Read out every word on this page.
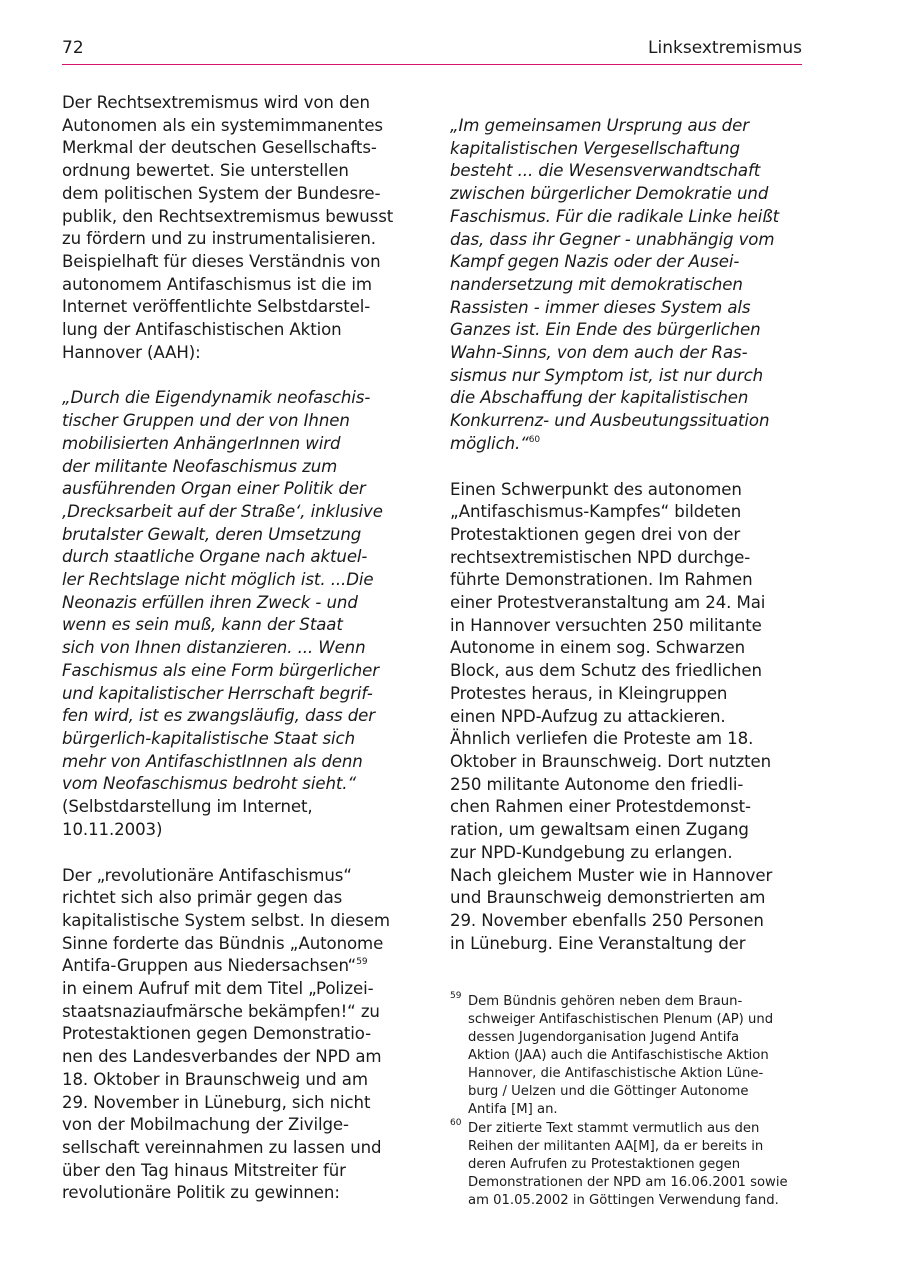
72	Linksextremismus

Der Rechtsextremismus wird von den
Autonomen als ein systemimmanentes
Merkmal der deutschen Gesellschafts-
ordnung bewertet. Sie unterstellen
dem politischen System der Bundesre-
publik, den Rechtsextremismus bewusst
zu fördern und zu instrumentalisieren.
Beispielhaft für dieses Verständnis von
autonomem Antifaschismus ist die im
Internet veröffentlichte Selbstdarstel-
lung der Antifaschistischen Aktion
Hannover (AAH):

„Durch die Eigendynamik neofaschis-
tischer Gruppen und der von Ihnen
mobilisierten AnhängerInnen wird
der militante Neofaschismus zum
ausführenden Organ einer Politik der
‚Drecksarbeit auf der Straße‘, inklusive
brutalster Gewalt, deren Umsetzung
durch staatliche Organe nach aktuel-
ler Rechtslage nicht möglich ist. ...Die
Neonazis erfüllen ihren Zweck - und
wenn es sein muß, kann der Staat
sich von Ihnen distanzieren. ... Wenn
Faschismus als eine Form bürgerlicher
und kapitalistischer Herrschaft begrif-
fen wird, ist es zwangsläufig, dass der
bürgerlich-kapitalistische Staat sich
mehr von AntifaschistInnen als denn
vom Neofaschismus bedroht sieht.“

(Selbstdarstellung im Internet,
10.11.2003)

Der „revolutionäre Antifaschismus“
richtet sich also primär gegen das
kapitalistische System selbst. In diesem
Sinne forderte das Bündnis „Autonome
Antifa-Gruppen aus Niedersachsen“$^{59}$
in einem Aufruf mit dem Titel „Polizei-
staatsnaziaufmärsche bekämpfen!“ zu
Protestaktionen gegen Demonstratio-
nen des Landesverbandes der NPD am
18. Oktober in Braunschweig und am
29. November in Lüneburg, sich nicht
von der Mobilmachung der Zivilge-
sellschaft vereinnahmen zu lassen und
über den Tag hinaus Mitstreiter für
revolutionäre Politik zu gewinnen:

„Im gemeinsamen Ursprung aus der
kapitalistischen Vergesellschaftung
besteht ... die Wesensverwandtschaft
zwischen bürgerlicher Demokratie und
Faschismus. Für die radikale Linke heißt
das, dass ihr Gegner - unabhängig vom
Kampf gegen Nazis oder der Ausei-
nandersetzung mit demokratischen
Rassisten - immer dieses System als
Ganzes ist. Ein Ende des bürgerlichen
Wahn-Sinns, von dem auch der Ras-
sismus nur Symptom ist, ist nur durch
die Abschaffung der kapitalistischen
Konkurrenz- und Ausbeutungssituation
möglich.“$^{60}$

Einen Schwerpunkt des autonomen
„Antifaschismus-Kampfes“ bildeten
Protestaktionen gegen drei von der
rechtsextremistischen NPD durchge-
führte Demonstrationen. Im Rahmen
einer Protestveranstaltung am 24. Mai
in Hannover versuchten 250 militante
Autonome in einem sog. Schwarzen
Block, aus dem Schutz des friedlichen
Protestes heraus, in Kleingruppen
einen NPD-Aufzug zu attackieren.
Ähnlich verliefen die Proteste am 18.
Oktober in Braunschweig. Dort nutzten
250 militante Autonome den friedli-
chen Rahmen einer Protestdemonst-
ration, um gewaltsam einen Zugang
zur NPD-Kundgebung zu erlangen.
Nach gleichem Muster wie in Hannover
und Braunschweig demonstrierten am
29. November ebenfalls 250 Personen
in Lüneburg. Eine Veranstaltung der

59 Dem Bündnis gehören neben dem Braun-
schweiger Antifaschistischen Plenum (AP) und
dessen Jugendorganisation Jugend Antifa
Aktion (JAA) auch die Antifaschistische Aktion
Hannover, die Antifaschistische Aktion Lüne-
burg / Uelzen und die Göttinger Autonome
Antifa [M] an.
60 Der zitierte Text stammt vermutlich aus den
Reihen der militanten AA[M], da er bereits in
deren Aufrufen zu Protestaktionen gegen
Demonstrationen der NPD am 16.06.2001 sowie
am 01.05.2002 in Göttingen Verwendung fand.
